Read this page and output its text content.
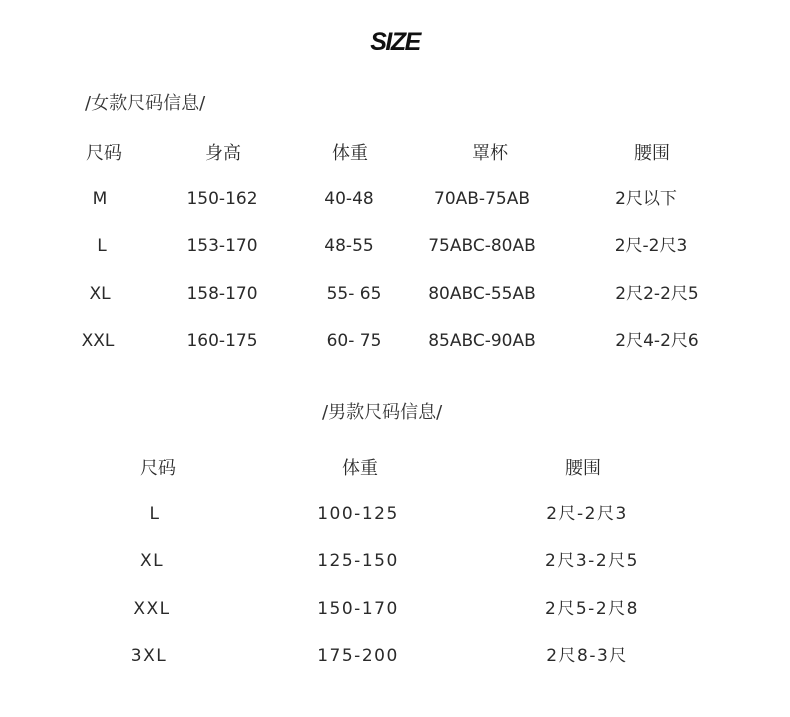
SIZE
/女款尺码信息/
尺码	身高	体重	罩杯	腰围
M	150-162	40-48	70AB-75AB	2尺以下
L	153-170	48-55	75ABC-80AB	2尺-2尺3
XL	158-170	55- 65	80ABC-55AB	2尺2-2尺5
XXL	160-175	60- 75	85ABC-90AB	2尺4-2尺6
/男款尺码信息/
尺码	体重	腰围
L	100-125	2尺-2尺3
XL	125-150	2尺3-2尺5
XXL	150-170	2尺5-2尺8
3XL	175-200	2尺8-3尺
